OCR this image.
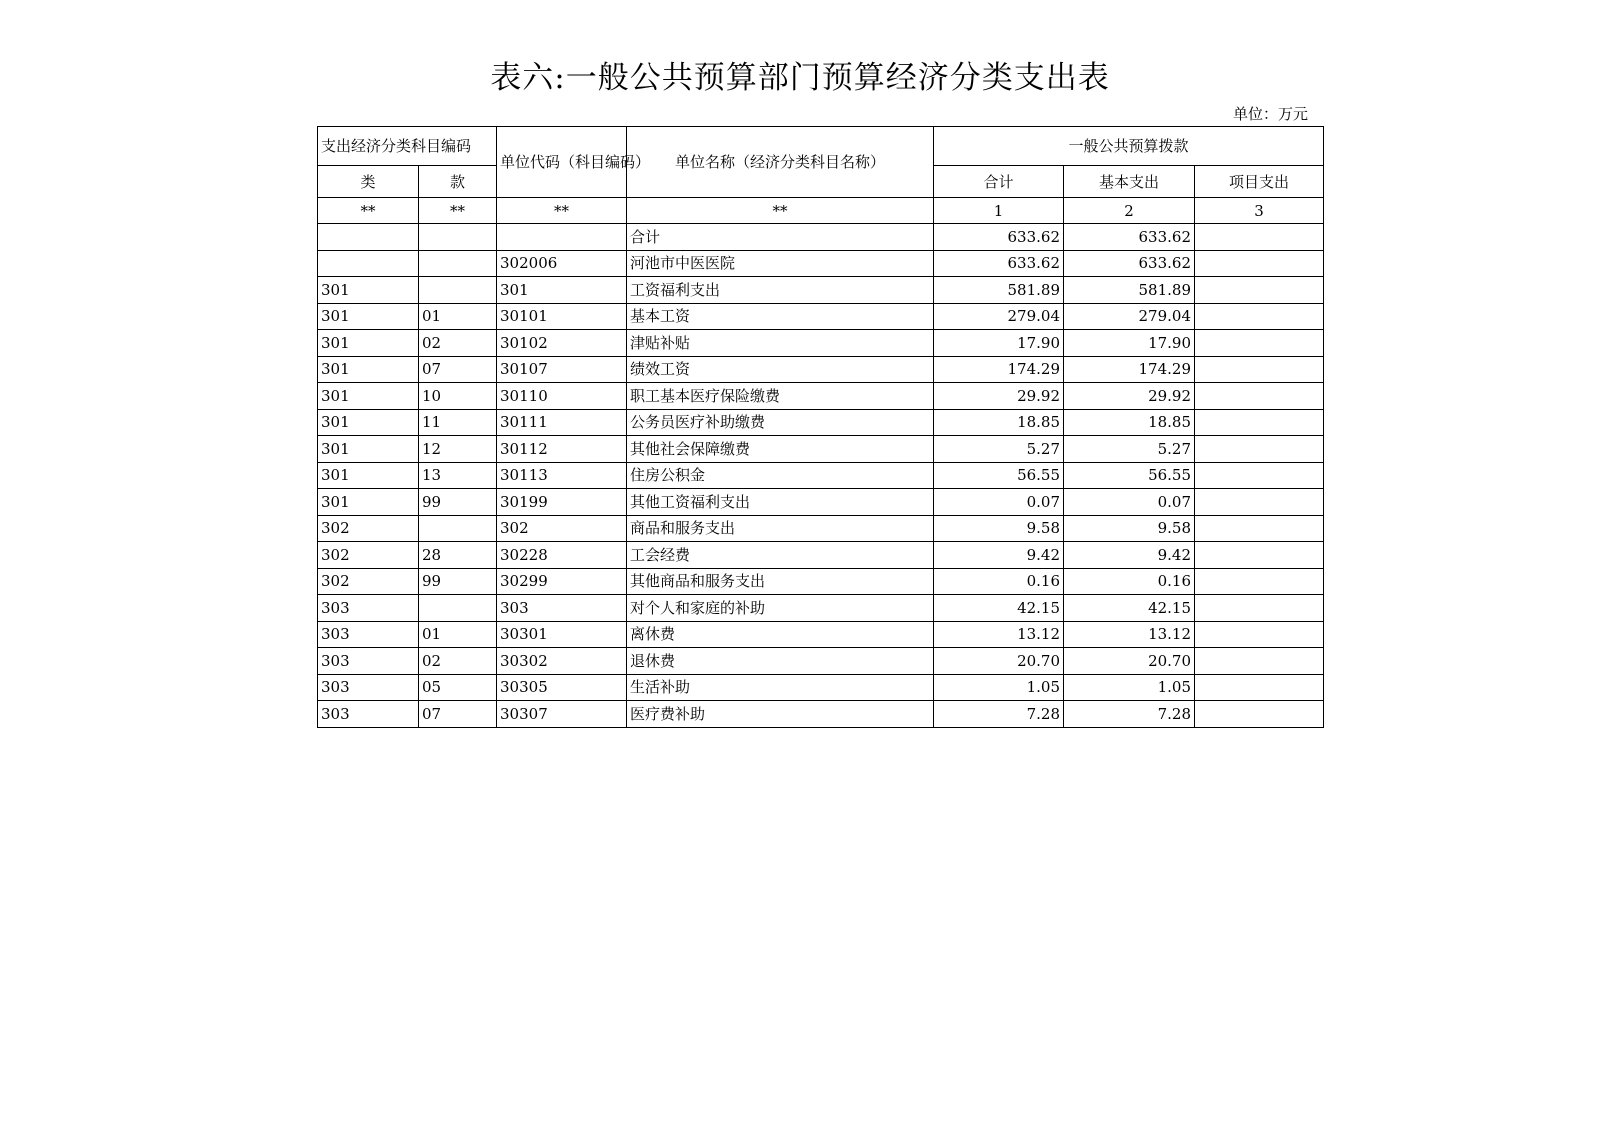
表六:一般公共预算部门预算经济分类支出表
单位：万元
支出经济分类科目编码		单位代码（科目编码）	单位名称（经济分类科目名称）	一般公共预算拨款		
类	款			合计	基本支出	项目支出
**	**	**	**	1	2	3
			合计	633.62	633.62	
		302006	河池市中医医院	633.62	633.62	
301		301	工资福利支出	581.89	581.89	
301	01	30101	基本工资	279.04	279.04	
301	02	30102	津贴补贴	17.90	17.90	
301	07	30107	绩效工资	174.29	174.29	
301	10	30110	职工基本医疗保险缴费	29.92	29.92	
301	11	30111	公务员医疗补助缴费	18.85	18.85	
301	12	30112	其他社会保障缴费	5.27	5.27	
301	13	30113	住房公积金	56.55	56.55	
301	99	30199	其他工资福利支出	0.07	0.07	
302		302	商品和服务支出	9.58	9.58	
302	28	30228	工会经费	9.42	9.42	
302	99	30299	其他商品和服务支出	0.16	0.16	
303		303	对个人和家庭的补助	42.15	42.15	
303	01	30301	离休费	13.12	13.12	
303	02	30302	退休费	20.70	20.70	
303	05	30305	生活补助	1.05	1.05	
303	07	30307	医疗费补助	7.28	7.28	
